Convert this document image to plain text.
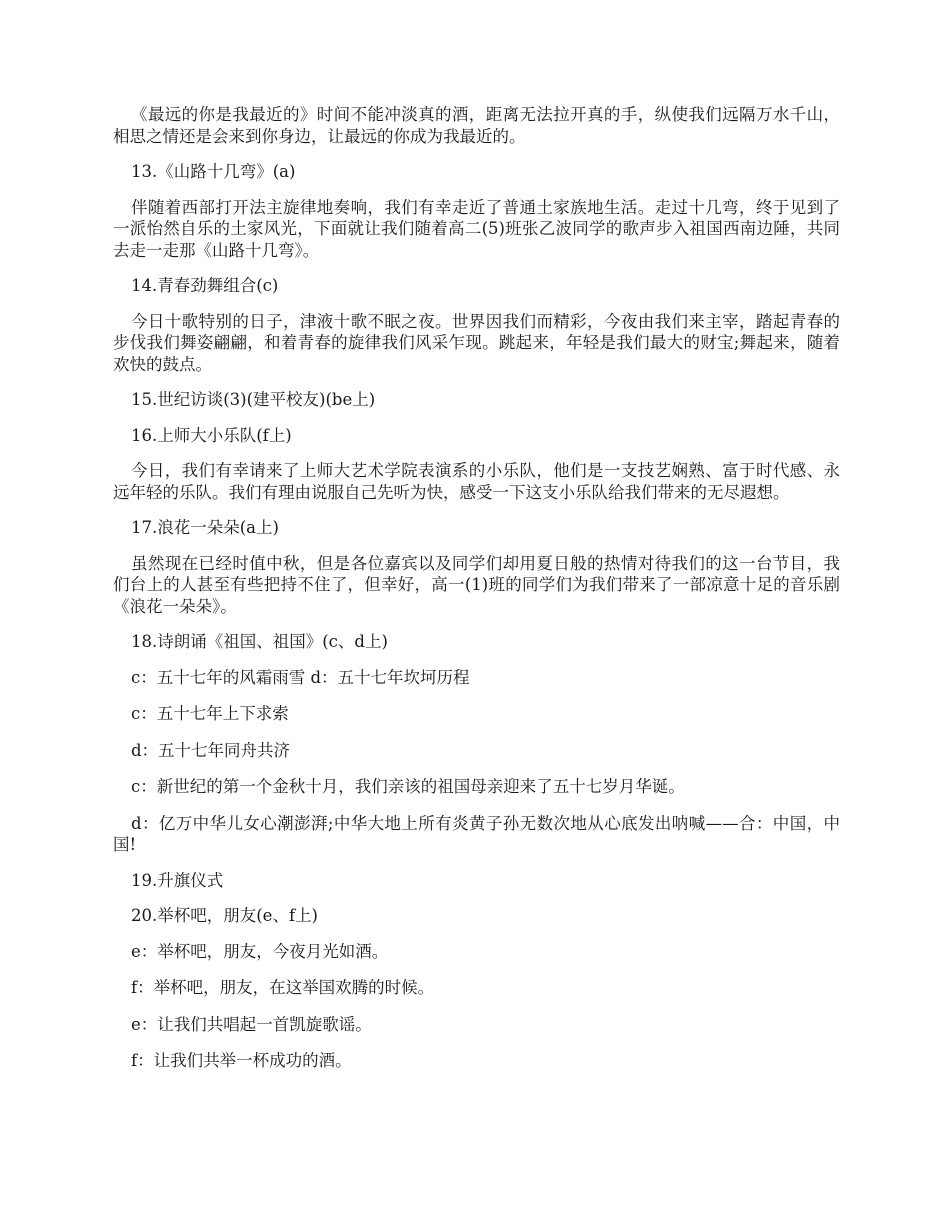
《最远的你是我最近的》时间不能冲淡真的酒，距离无法拉开真的手，纵使我们远隔万水千山，相思之情还是会来到你身边，让最远的你成为我最近的。

13.《山路十几弯》(a)

伴随着西部打开法主旋律地奏响，我们有幸走近了普通土家族地生活。走过十几弯，终于见到了一派怡然自乐的土家风光，下面就让我们随着高二(5)班张乙波同学的歌声步入祖国西南边陲，共同去走一走那《山路十几弯》。

14.青春劲舞组合(c)

今日十歌特别的日子，津液十歌不眠之夜。世界因我们而精彩，今夜由我们来主宰，踏起青春的步伐我们舞姿翩翩，和着青春的旋律我们风采乍现。跳起来，年轻是我们最大的财宝;舞起来，随着欢快的鼓点。

15.世纪访谈(3)(建平校友)(be上)

16.上师大小乐队(f上)

今日，我们有幸请来了上师大艺术学院表演系的小乐队，他们是一支技艺娴熟、富于时代感、永远年轻的乐队。我们有理由说服自己先听为快，感受一下这支小乐队给我们带来的无尽遐想。

17.浪花一朵朵(a上)

虽然现在已经时值中秋，但是各位嘉宾以及同学们却用夏日般的热情对待我们的这一台节目，我们台上的人甚至有些把持不住了，但幸好，高一(1)班的同学们为我们带来了一部凉意十足的音乐剧《浪花一朵朵》。

18.诗朗诵《祖国、祖国》(c、d上)

c：五十七年的风霜雨雪 d：五十七年坎坷历程

c：五十七年上下求索

d：五十七年同舟共济

c：新世纪的第一个金秋十月，我们亲该的祖国母亲迎来了五十七岁月华诞。

d：亿万中华儿女心潮澎湃;中华大地上所有炎黄子孙无数次地从心底发出呐喊——合：中国，中国!

19.升旗仪式

20.举杯吧，朋友(e、f上)

e：举杯吧，朋友，今夜月光如酒。

f：举杯吧，朋友，在这举国欢腾的时候。

e：让我们共唱起一首凯旋歌谣。

f：让我们共举一杯成功的酒。
